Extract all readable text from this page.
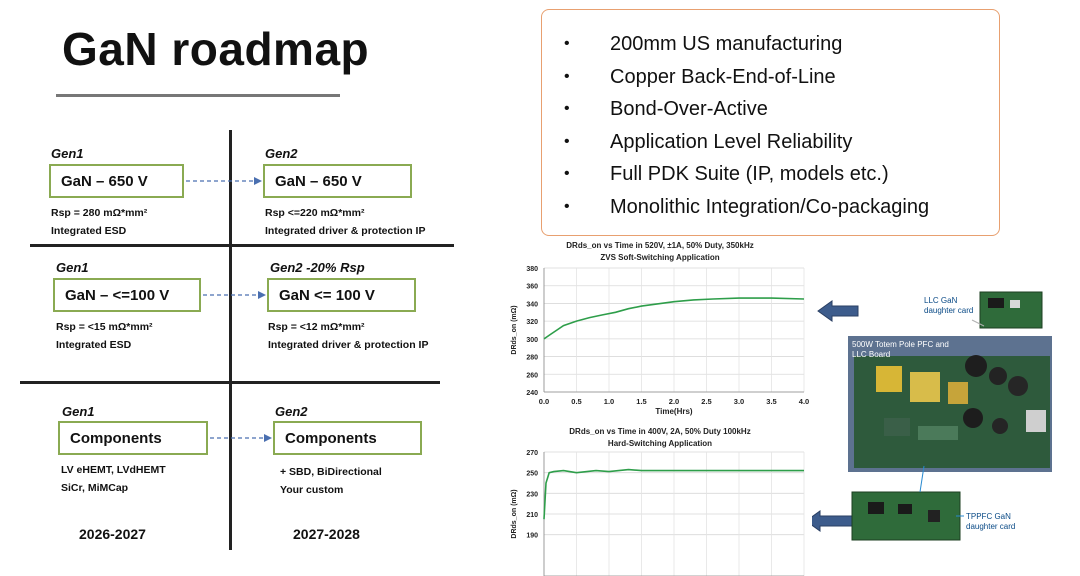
GaN roadmap
Gen1
GaN – 650 V
Rsp = 280 mΩ*mm²
Integrated ESD
Gen2
GaN – 650 V
Rsp <=220 mΩ*mm²
Integrated driver & protection IP
Gen1
GaN – <=100 V
Rsp = <15 mΩ*mm²
Integrated ESD
Gen2 -20% Rsp
GaN <= 100 V
Rsp = <12 mΩ*mm²
Integrated driver & protection IP
Gen1
Components
LV eHEMT, LVdHEMT
SiCr, MiMCap
Gen2
Components
+ SBD, BiDirectional
Your custom
2026-2027	2027-2028
•	200mm US manufacturing
•	Copper Back-End-of-Line
•	Bond-Over-Active
•	Application Level Reliability
•	Full PDK Suite (IP, models etc.)
•	Monolithic Integration/Co-packaging
DRds_on vs Time in 520V, ±1A, 50% Duty, 350kHz
ZVS Soft-Switching Application
240
260
280
300
320
340
360
380
0.0	0.5	1.0	1.5	2.0	2.5	3.0	3.5	4.0
Time(Hrs)
DRds_on (mΩ)
DRds_on vs Time in 400V, 2A, 50% Duty 100kHz
Hard-Switching Application
190
210
230
250
270
DRds_on (mΩ)
LLC GaN daughter card
500W Totem Pole PFC and LLC Board
TPPFC GaN daughter card
